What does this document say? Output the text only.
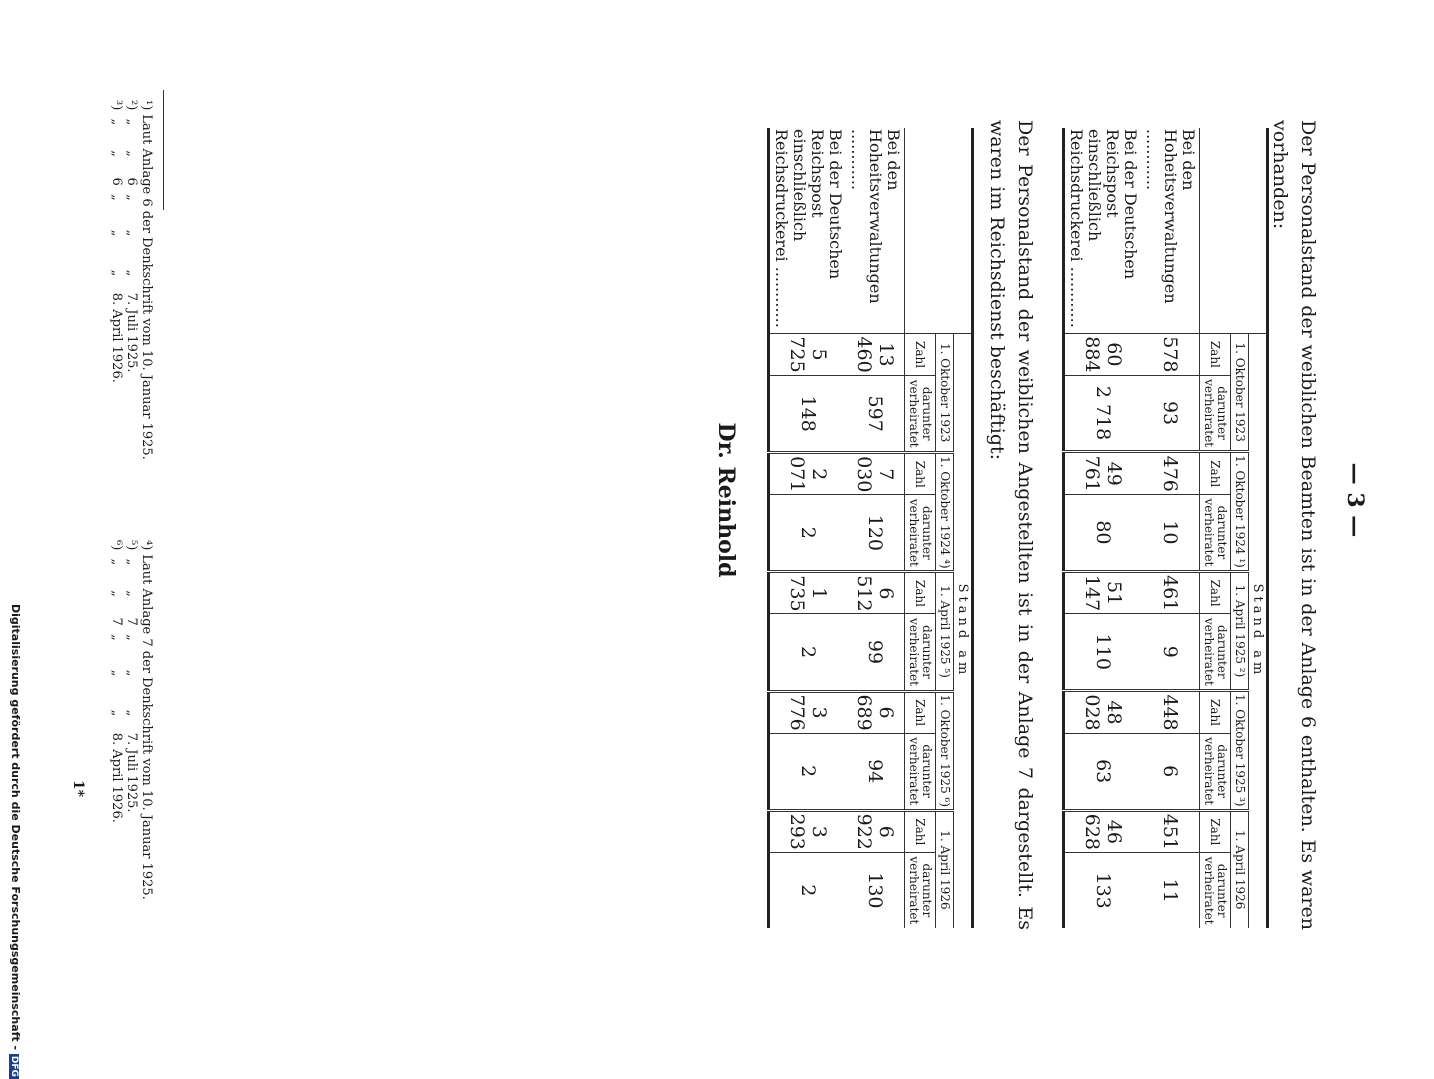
— 3 —
Der Personalstand der weiblichen Beamten ist in der Anlage 6 enthalten. Es waren vorhanden:
	Stand am									
	1. Oktober 1923		1. Oktober 1924 ¹)		1. April 1925 ²)		1. Oktober 1925 ³)		1. April 1926	
	Zahl	darunter verheiratet	Zahl	darunter verheiratet	Zahl	darunter verheiratet	Zahl	darunter verheiratet	Zahl	darunter verheiratet
Bei den Hoheitsverwaltungen ............	578	93	476	10	461	9	448	6	451	11
Bei der Deutschen Reichspost einschließlich Reichsdruckerei ............	60 884	2 718	49 761	80	51 147	110	48 028	63	46 628	133
Der Personalstand der weiblichen Angestellten ist in der Anlage 7 dargestellt. Es waren im Reichsdienst beschäftigt:
	Stand am									
	1. Oktober 1923		1. Oktober 1924 ⁴)		1. April 1925 ⁵)		1. Oktober 1925 ⁶)		1. April 1926	
	Zahl	darunter verheiratet	Zahl	darunter verheiratet	Zahl	darunter verheiratet	Zahl	darunter verheiratet	Zahl	darunter verheiratet
Bei den Hoheitsverwaltungen ............	13 460	597	7 030	120	6 512	99	6 689	94	6 922	130
Bei der Deutschen Reichspost einschließlich Reichsdruckerei ............	5 725	148	2 071	2	1 735	2	3 776	2	3 293	2
Dr. Reinhold
¹) Laut Anlage 6 der Denkschrift vom 10. Januar 1925.
²)  „      „     6  „       „        „    7. Juli 1925.
³)  „      „     6  „       „        „    8. April 1926.
⁴) Laut Anlage 7 der Denkschrift vom 10. Januar 1925.
⁵)  „      „     7  „       „        „    7. Juli 1925.
⁶)  „      „     7  „       „        „    8. April 1926.
1*
Digitalisierung gefördert durch die Deutsche Forschungsgemeinschaft - DFG
